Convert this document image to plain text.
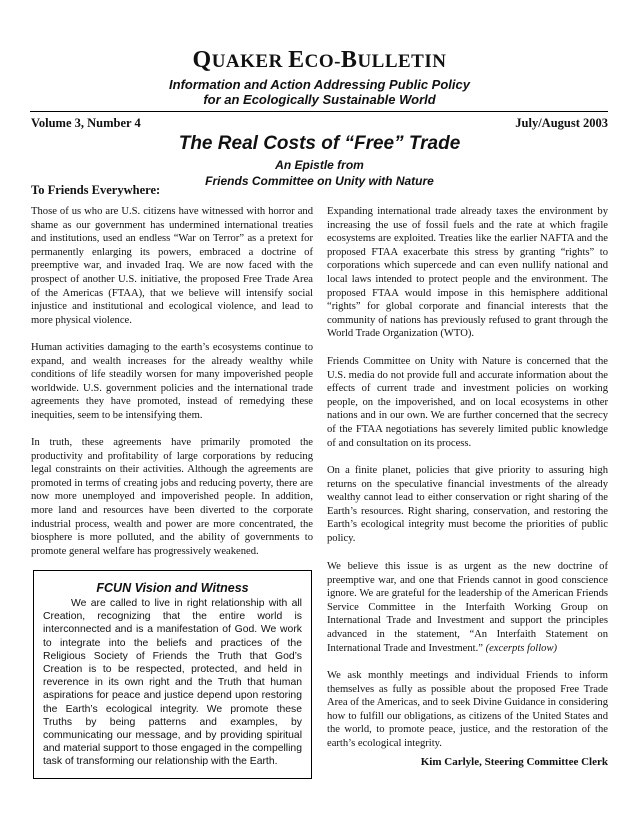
QUAKER ECO-BULLETIN
Information and Action Addressing Public Policy
for an Ecologically Sustainable World
Volume 3, Number 4	July/August 2003
The Real Costs of “Free” Trade
An Epistle from
Friends Committee on Unity with Nature
To Friends Everywhere:

Those of us who are U.S. citizens have witnessed with horror and shame as our government has undermined international treaties and institutions, used an endless “War on Terror” as a pretext for permanently enlarging its powers, embraced a doctrine of preemptive war, and invaded Iraq. We are now faced with the prospect of another U.S. initiative, the proposed Free Trade Area of the Americas (FTAA), that we believe will intensify social injustice and institutional and ecological violence, and lead to more physical violence.

Human activities damaging to the earth’s ecosystems continue to expand, and wealth increases for the already wealthy while conditions of life steadily worsen for many impoverished people worldwide. U.S. government policies and the international trade agreements they have promoted, instead of remedying these inequities, seem to be intensifying them.

In truth, these agreements have primarily promoted the productivity and profitability of large corporations by reducing legal constraints on their activities. Although the agreements are promoted in terms of creating jobs and reducing poverty, there are now more unemployed and impoverished people. In addition, more land and resources have been diverted to the corporate industrial process, wealth and power are more concentrated, the biosphere is more polluted, and the ability of governments to promote general welfare has progressively weakened.

FCUN Vision and Witness

We are called to live in right relationship with all Creation, recognizing that the entire world is interconnected and is a manifestation of God. We work to integrate into the beliefs and practices of the Religious Society of Friends the Truth that God’s Creation is to be respected, protected, and held in reverence in its own right and the Truth that human aspirations for peace and justice depend upon restoring the Earth’s ecological integrity. We promote these Truths by being patterns and examples, by communicating our message, and by providing spiritual and material support to those engaged in the compelling task of transforming our relationship with the Earth.

Expanding international trade already taxes the environment by increasing the use of fossil fuels and the rate at which fragile ecosystems are exploited. Treaties like the earlier NAFTA and the proposed FTAA exacerbate this stress by granting “rights” to corporations which supercede and can even nullify national and local laws intended to protect people and the environment. The proposed FTAA would impose in this hemisphere additional “rights” for global corporate and financial interests that the community of nations has previously refused to grant through the World Trade Organization (WTO).

Friends Committee on Unity with Nature is concerned that the U.S. media do not provide full and accurate information about the effects of current trade and investment policies on working people, on the impoverished, and on local ecosystems in other nations and in our own. We are further concerned that the secrecy of the FTAA negotiations has severely limited public knowledge of and consultation on its process.

On a finite planet, policies that give priority to assuring high returns on the speculative financial investments of the already wealthy cannot lead to either conservation or right sharing of the Earth’s resources. Right sharing, conservation, and restoring the Earth’s ecological integrity must become the priorities of public policy.

We believe this issue is as urgent as the new doctrine of preemptive war, and one that Friends cannot in good conscience ignore. We are grateful for the leadership of the American Friends Service Committee in the Interfaith Working Group on International Trade and Investment and support the principles advanced in the statement, “An Interfaith Statement on International Trade and Investment.” (excerpts follow)

We ask monthly meetings and individual Friends to inform themselves as fully as possible about the proposed Free Trade Area of the Americas, and to seek Divine Guidance in considering how to fulfill our obligations, as citizens of the United States and the world, to promote peace, justice, and the restoration of the earth’s ecological integrity.

Kim Carlyle, Steering Committee Clerk
